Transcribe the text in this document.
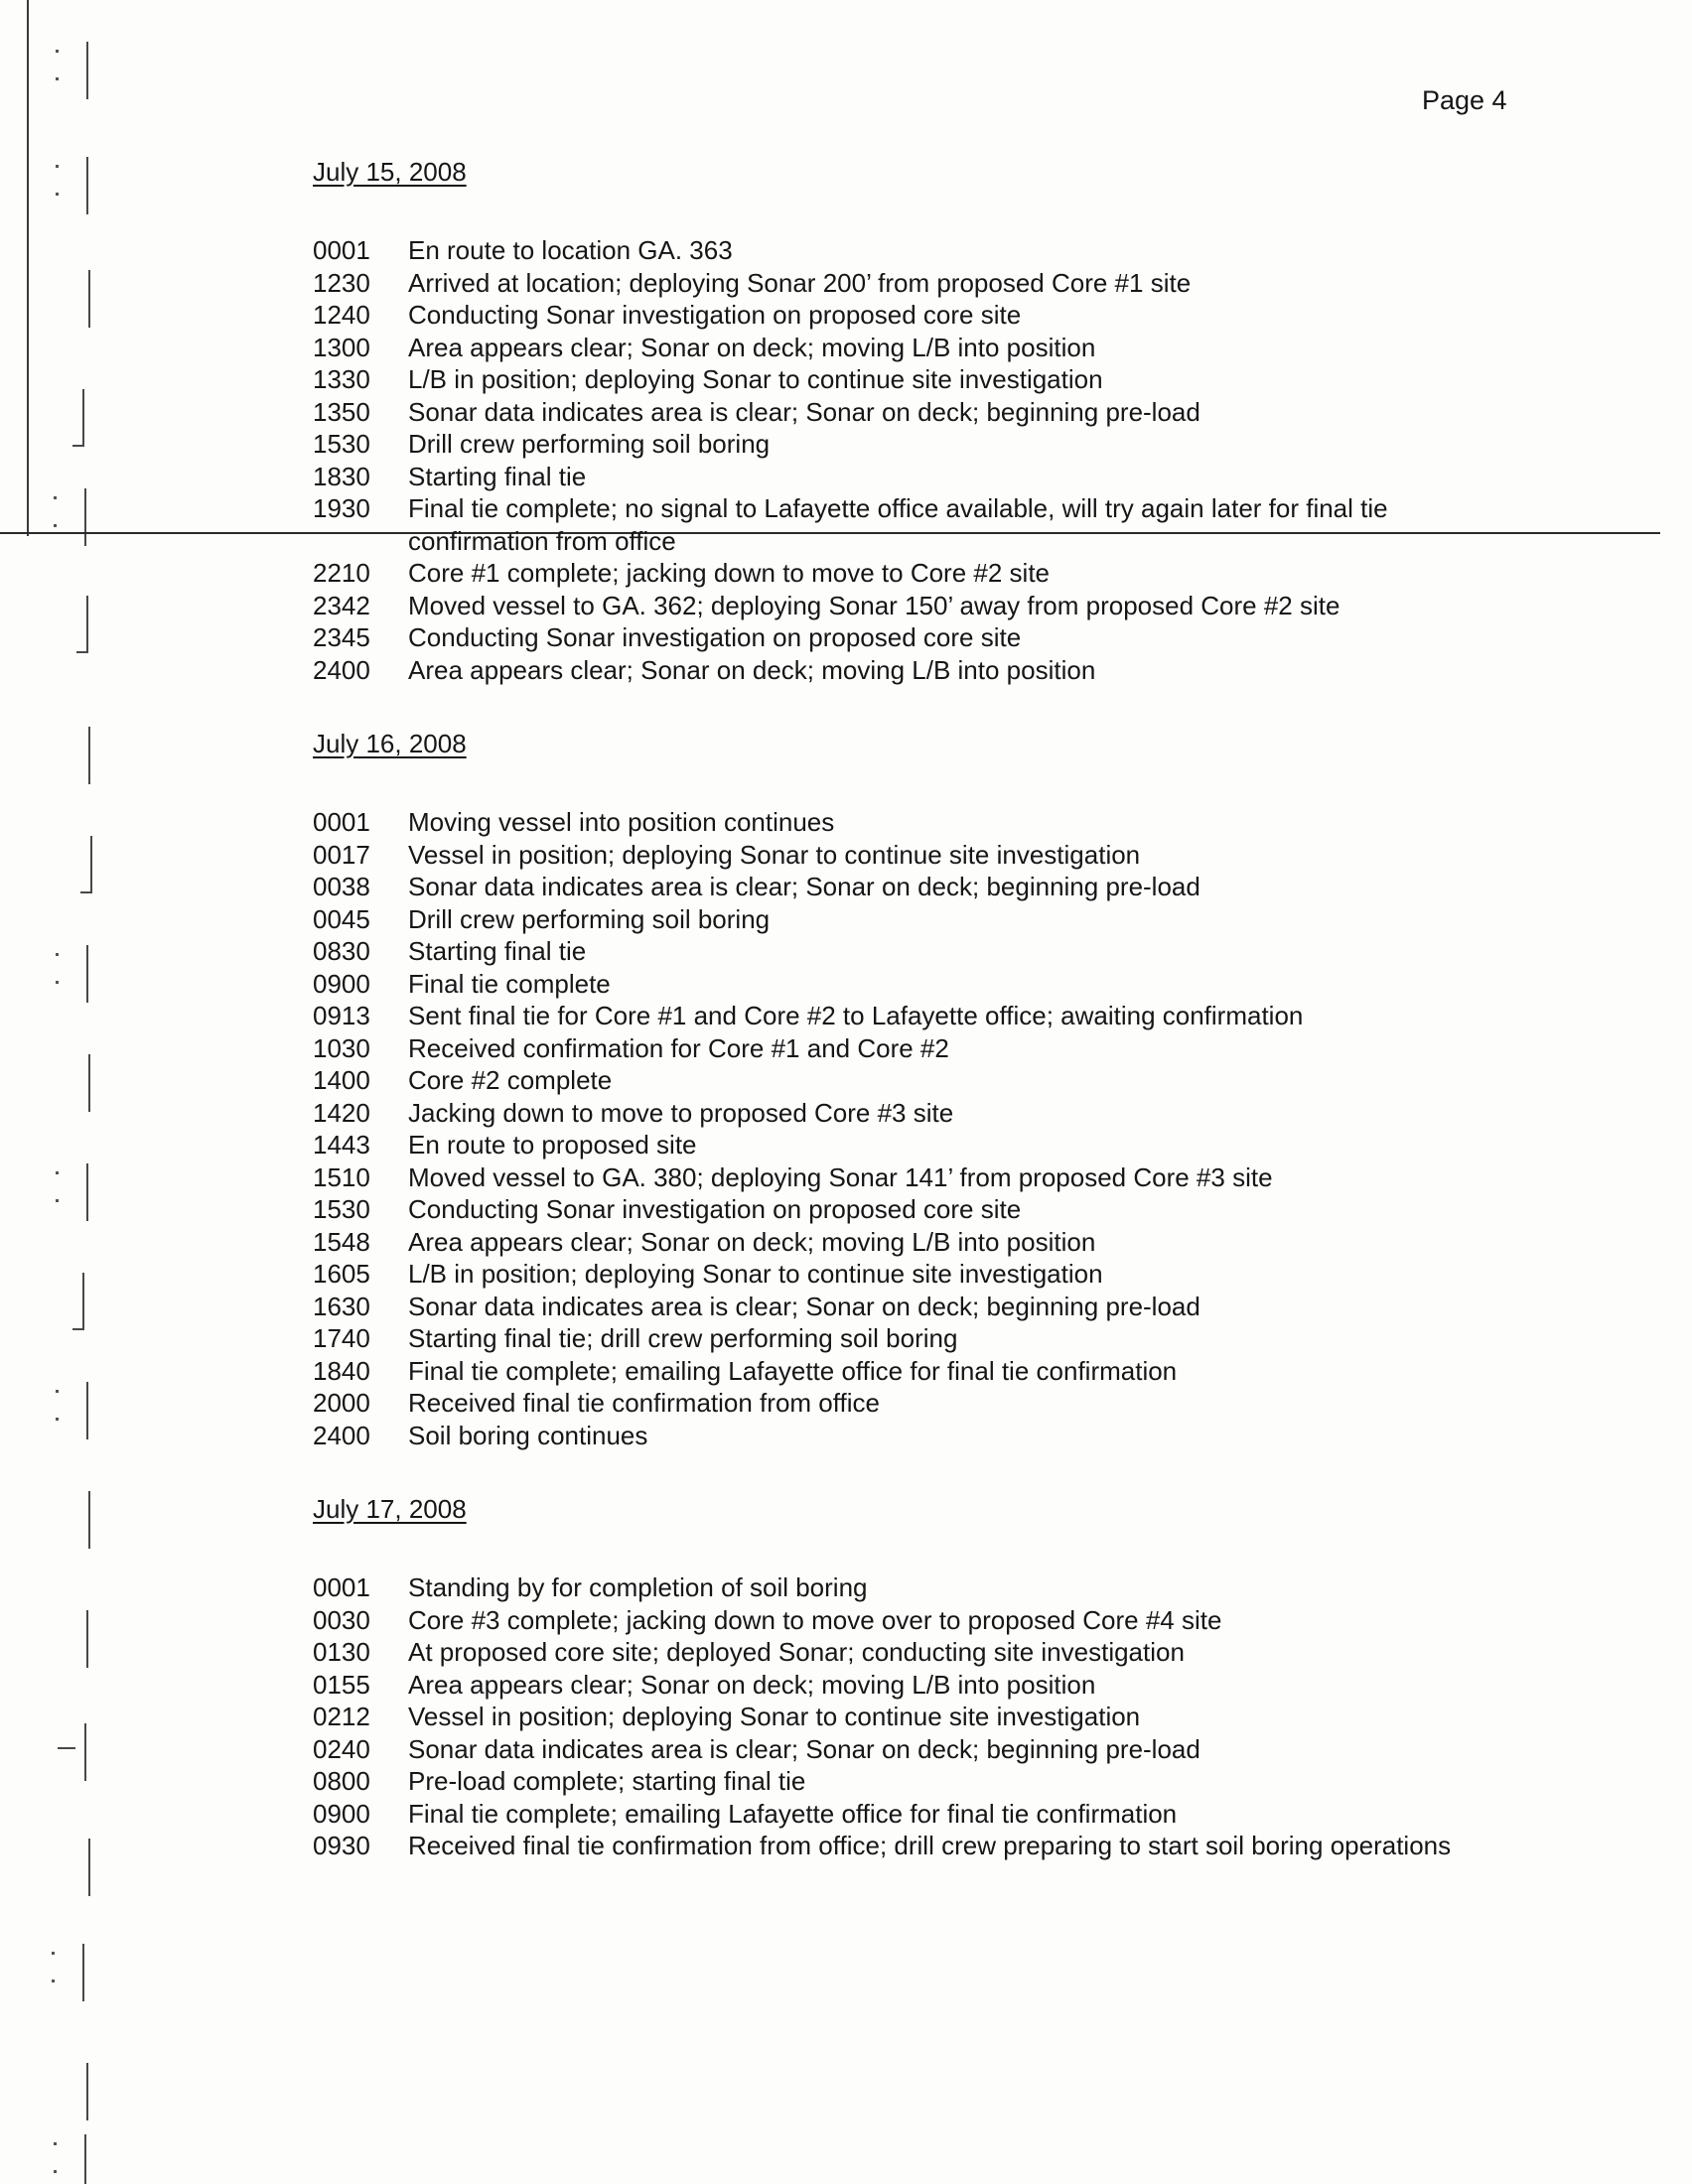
Page 4
July 15, 2008
0001	En route to location GA. 363
1230	Arrived at location; deploying Sonar 200’ from proposed Core #1 site
1240	Conducting Sonar investigation on proposed core site
1300	Area appears clear; Sonar on deck; moving L/B into position
1330	L/B in position; deploying Sonar to continue site investigation
1350	Sonar data indicates area is clear; Sonar on deck; beginning pre-load
1530	Drill crew performing soil boring
1830	Starting final tie
1930	Final tie complete; no signal to Lafayette office available, will try again later for final tie confirmation from office
2210	Core #1 complete; jacking down to move to Core #2 site
2342	Moved vessel to GA. 362; deploying Sonar 150’ away from proposed Core #2 site
2345	Conducting Sonar investigation on proposed core site
2400	Area appears clear; Sonar on deck; moving L/B into position
July 16, 2008
0001	Moving vessel into position continues
0017	Vessel in position; deploying Sonar to continue site investigation
0038	Sonar data indicates area is clear; Sonar on deck; beginning pre-load
0045	Drill crew performing soil boring
0830	Starting final tie
0900	Final tie complete
0913	Sent final tie for Core #1 and Core #2 to Lafayette office; awaiting confirmation
1030	Received confirmation for Core #1 and Core #2
1400	Core #2 complete
1420	Jacking down to move to proposed Core #3 site
1443	En route to proposed site
1510	Moved vessel to GA. 380; deploying Sonar 141’ from proposed Core #3 site
1530	Conducting Sonar investigation on proposed core site
1548	Area appears clear; Sonar on deck; moving L/B into position
1605	L/B in position; deploying Sonar to continue site investigation
1630	Sonar data indicates area is clear; Sonar on deck; beginning pre-load
1740	Starting final tie; drill crew performing soil boring
1840	Final tie complete; emailing Lafayette office for final tie confirmation
2000	Received final tie confirmation from office
2400	Soil boring continues
July 17, 2008
0001	Standing by for completion of soil boring
0030	Core #3 complete; jacking down to move over to proposed Core #4 site
0130	At proposed core site; deployed Sonar; conducting site investigation
0155	Area appears clear; Sonar on deck; moving L/B into position
0212	Vessel in position; deploying Sonar to continue site investigation
0240	Sonar data indicates area is clear; Sonar on deck; beginning pre-load
0800	Pre-load complete; starting final tie
0900	Final tie complete; emailing Lafayette office for final tie confirmation
0930	Received final tie confirmation from office; drill crew preparing to start soil boring operations
